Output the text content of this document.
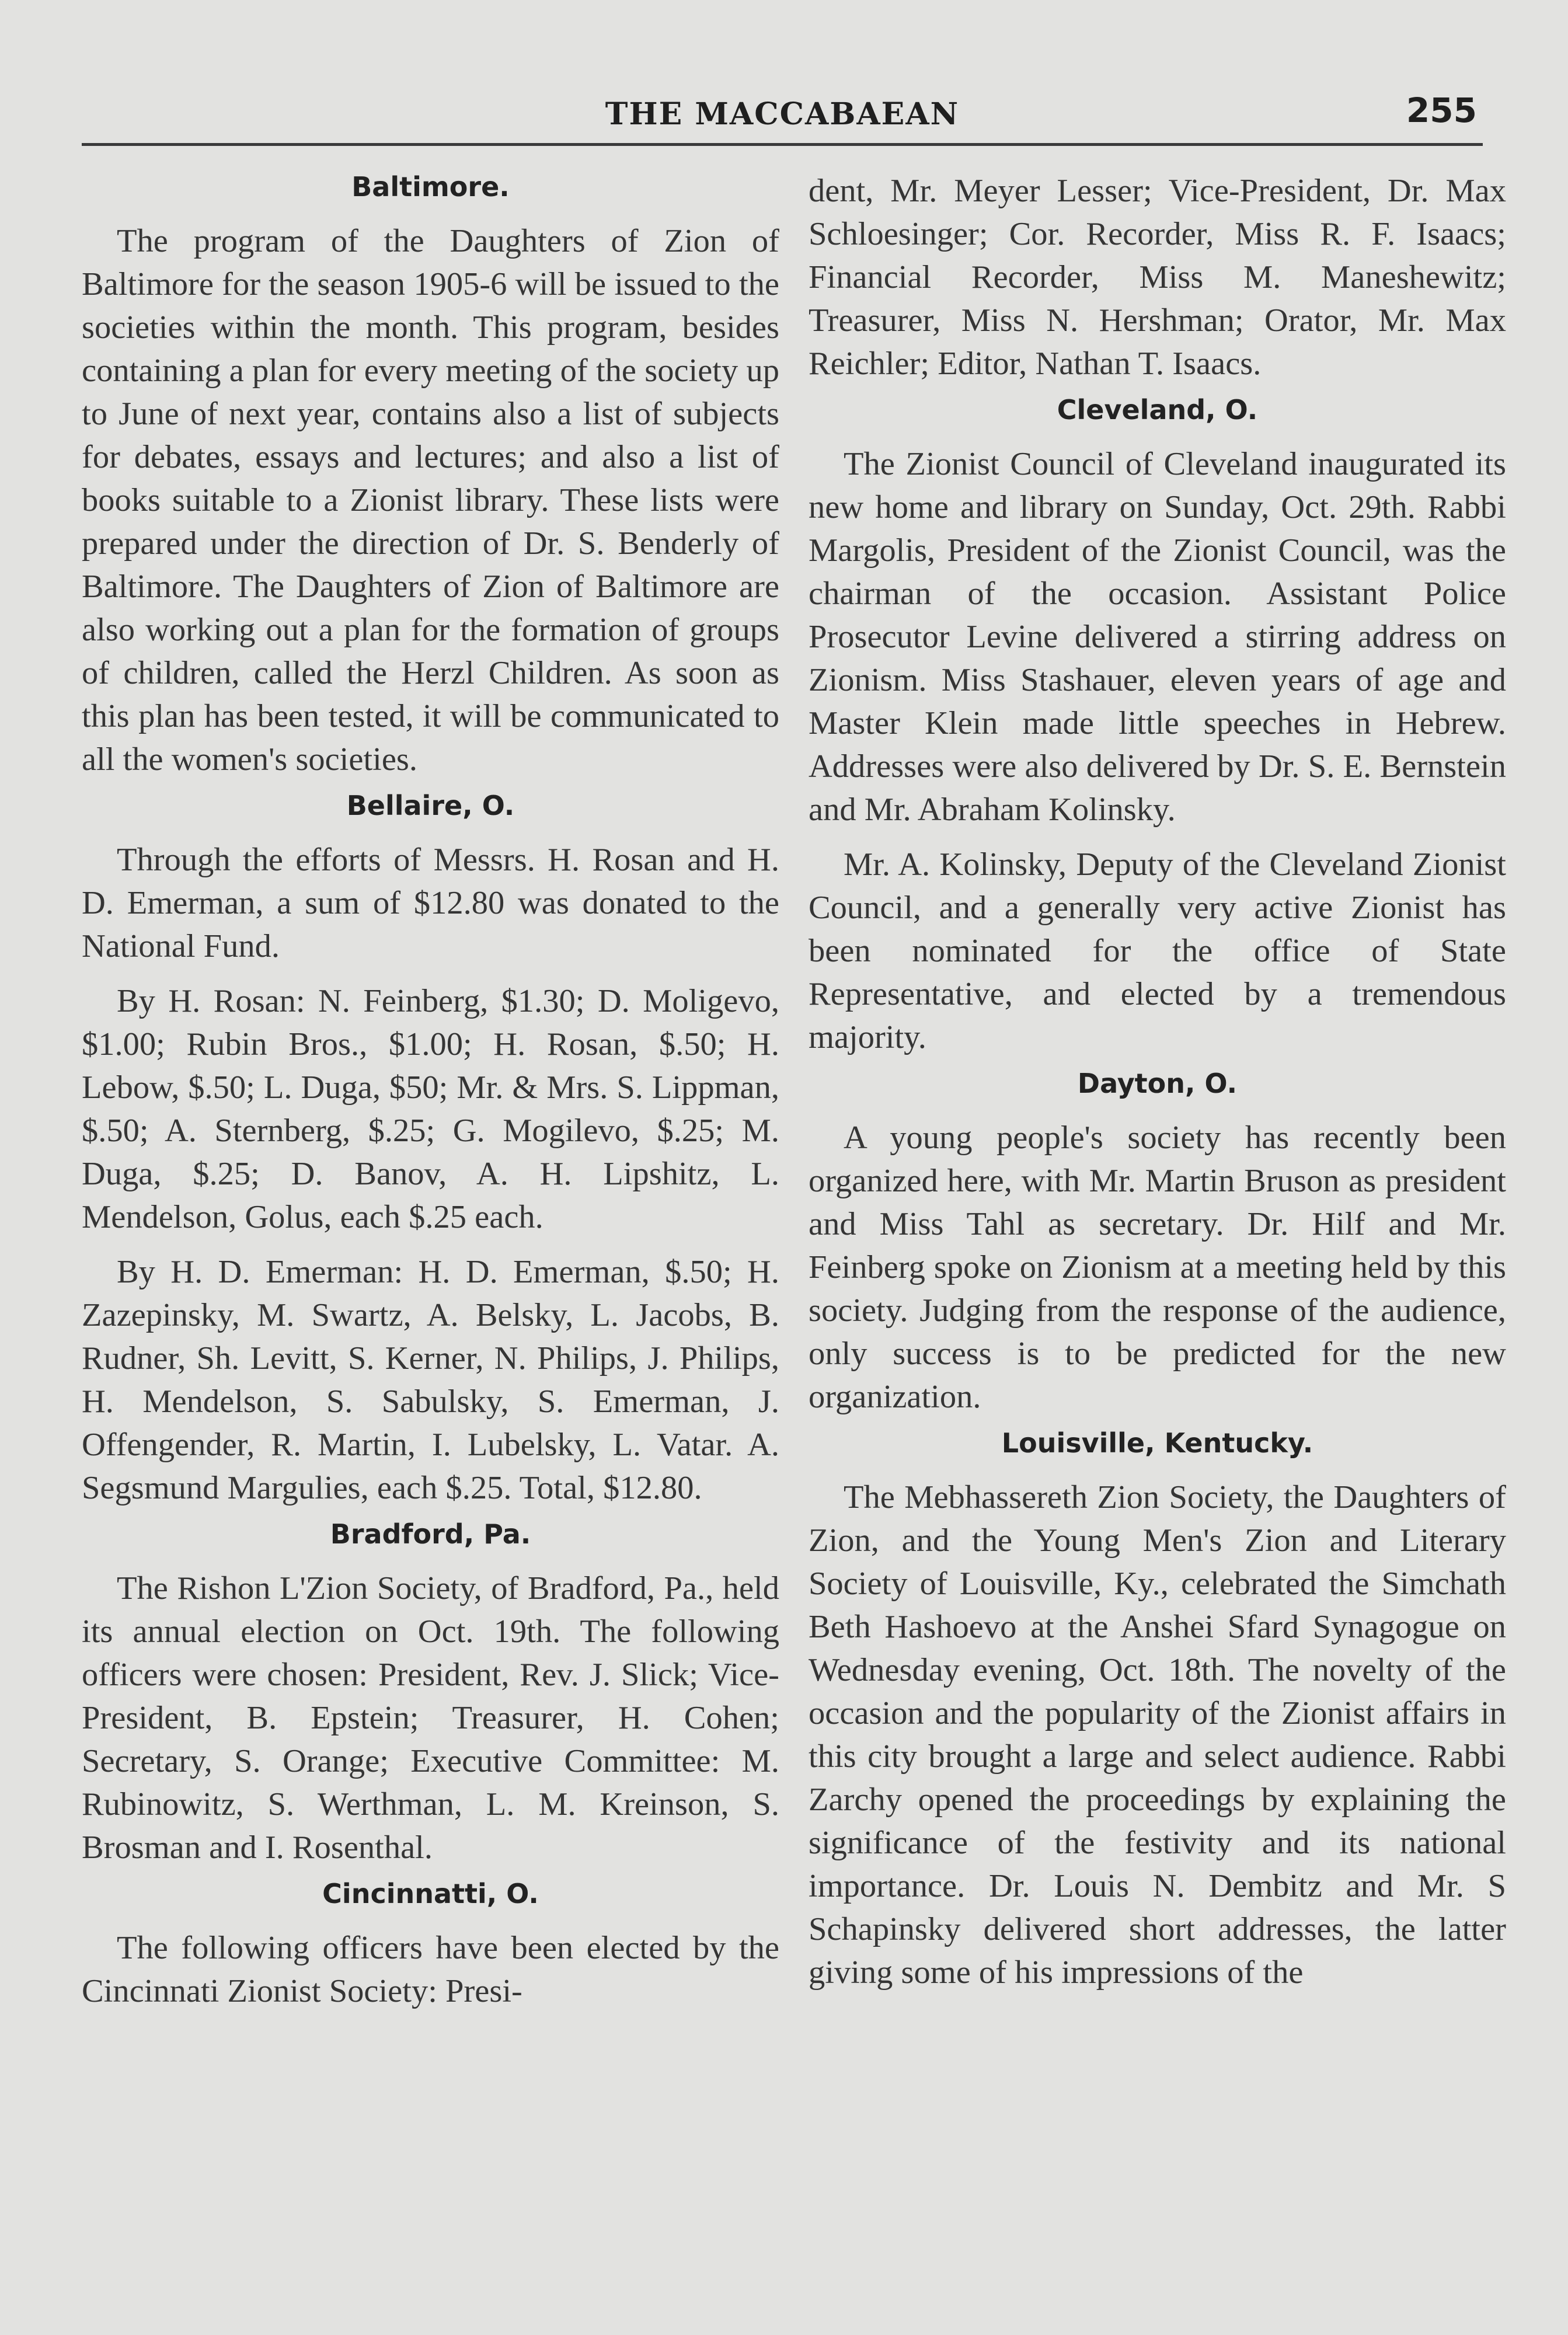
THE MACCABAEAN	255
Baltimore.

The program of the Daughters of Zion of Baltimore for the season 1905-6 will be issued to the societies within the month. This program, besides containing a plan for every meeting of the society up to June of next year, contains also a list of subjects for debates, essays and lectures; and also a list of books suitable to a Zionist library. These lists were prepared under the direction of Dr. S. Benderly of Baltimore. The Daughters of Zion of Baltimore are also working out a plan for the formation of groups of children, called the Herzl Children. As soon as this plan has been tested, it will be communicated to all the women's societies.

Bellaire, O.

Through the efforts of Messrs. H. Rosan and H. D. Emerman, a sum of $12.80 was donated to the National Fund.

By H. Rosan: N. Feinberg, $1.30; D. Moligevo, $1.00; Rubin Bros., $1.00; H. Rosan, $.50; H. Lebow, $.50; L. Duga, $50; Mr. & Mrs. S. Lippman, $.50; A. Sternberg, $.25; G. Mogilevo, $.25; M. Duga, $.25; D. Banov, A. H. Lipshitz, L. Mendelson, Golus, each $.25 each.

By H. D. Emerman: H. D. Emerman, $.50; H. Zazepinsky, M. Swartz, A. Belsky, L. Jacobs, B. Rudner, Sh. Levitt, S. Kerner, N. Philips, J. Philips, H. Mendelson, S. Sabulsky, S. Emerman, J. Offengender, R. Martin, I. Lubelsky, L. Vatar. A. Segsmund Margulies, each $.25. Total, $12.80.

Bradford, Pa.

The Rishon L'Zion Society, of Bradford, Pa., held its annual election on Oct. 19th. The following officers were chosen: President, Rev. J. Slick; Vice-President, B. Epstein; Treasurer, H. Cohen; Secretary, S. Orange; Executive Committee: M. Rubinowitz, S. Werthman, L. M. Kreinson, S. Brosman and I. Rosenthal.

Cincinnatti, O.

The following officers have been elected by the Cincinnati Zionist Society: Presi-

dent, Mr. Meyer Lesser; Vice-President, Dr. Max Schloesinger; Cor. Recorder, Miss R. F. Isaacs; Financial Recorder, Miss M. Maneshewitz; Treasurer, Miss N. Hershman; Orator, Mr. Max Reichler; Editor, Nathan T. Isaacs.

Cleveland, O.

The Zionist Council of Cleveland inaugurated its new home and library on Sunday, Oct. 29th. Rabbi Margolis, President of the Zionist Council, was the chairman of the occasion. Assistant Police Prosecutor Levine delivered a stirring address on Zionism. Miss Stashauer, eleven years of age and Master Klein made little speeches in Hebrew. Addresses were also delivered by Dr. S. E. Bernstein and Mr. Abraham Kolinsky.

Mr. A. Kolinsky, Deputy of the Cleveland Zionist Council, and a generally very active Zionist has been nominated for the office of State Representative, and elected by a tremendous majority.

Dayton, O.

A young people's society has recently been organized here, with Mr. Martin Bruson as president and Miss Tahl as secretary. Dr. Hilf and Mr. Feinberg spoke on Zionism at a meeting held by this society. Judging from the response of the audience, only success is to be predicted for the new organization.

Louisville, Kentucky.

The Mebhassereth Zion Society, the Daughters of Zion, and the Young Men's Zion and Literary Society of Louisville, Ky., celebrated the Simchath Beth Hashoevo at the Anshei Sfard Synagogue on Wednesday evening, Oct. 18th. The novelty of the occasion and the popularity of the Zionist affairs in this city brought a large and select audience. Rabbi Zarchy opened the proceedings by explaining the significance of the festivity and its national importance. Dr. Louis N. Dembitz and Mr. S Schapinsky delivered short addresses, the latter giving some of his impressions of the
